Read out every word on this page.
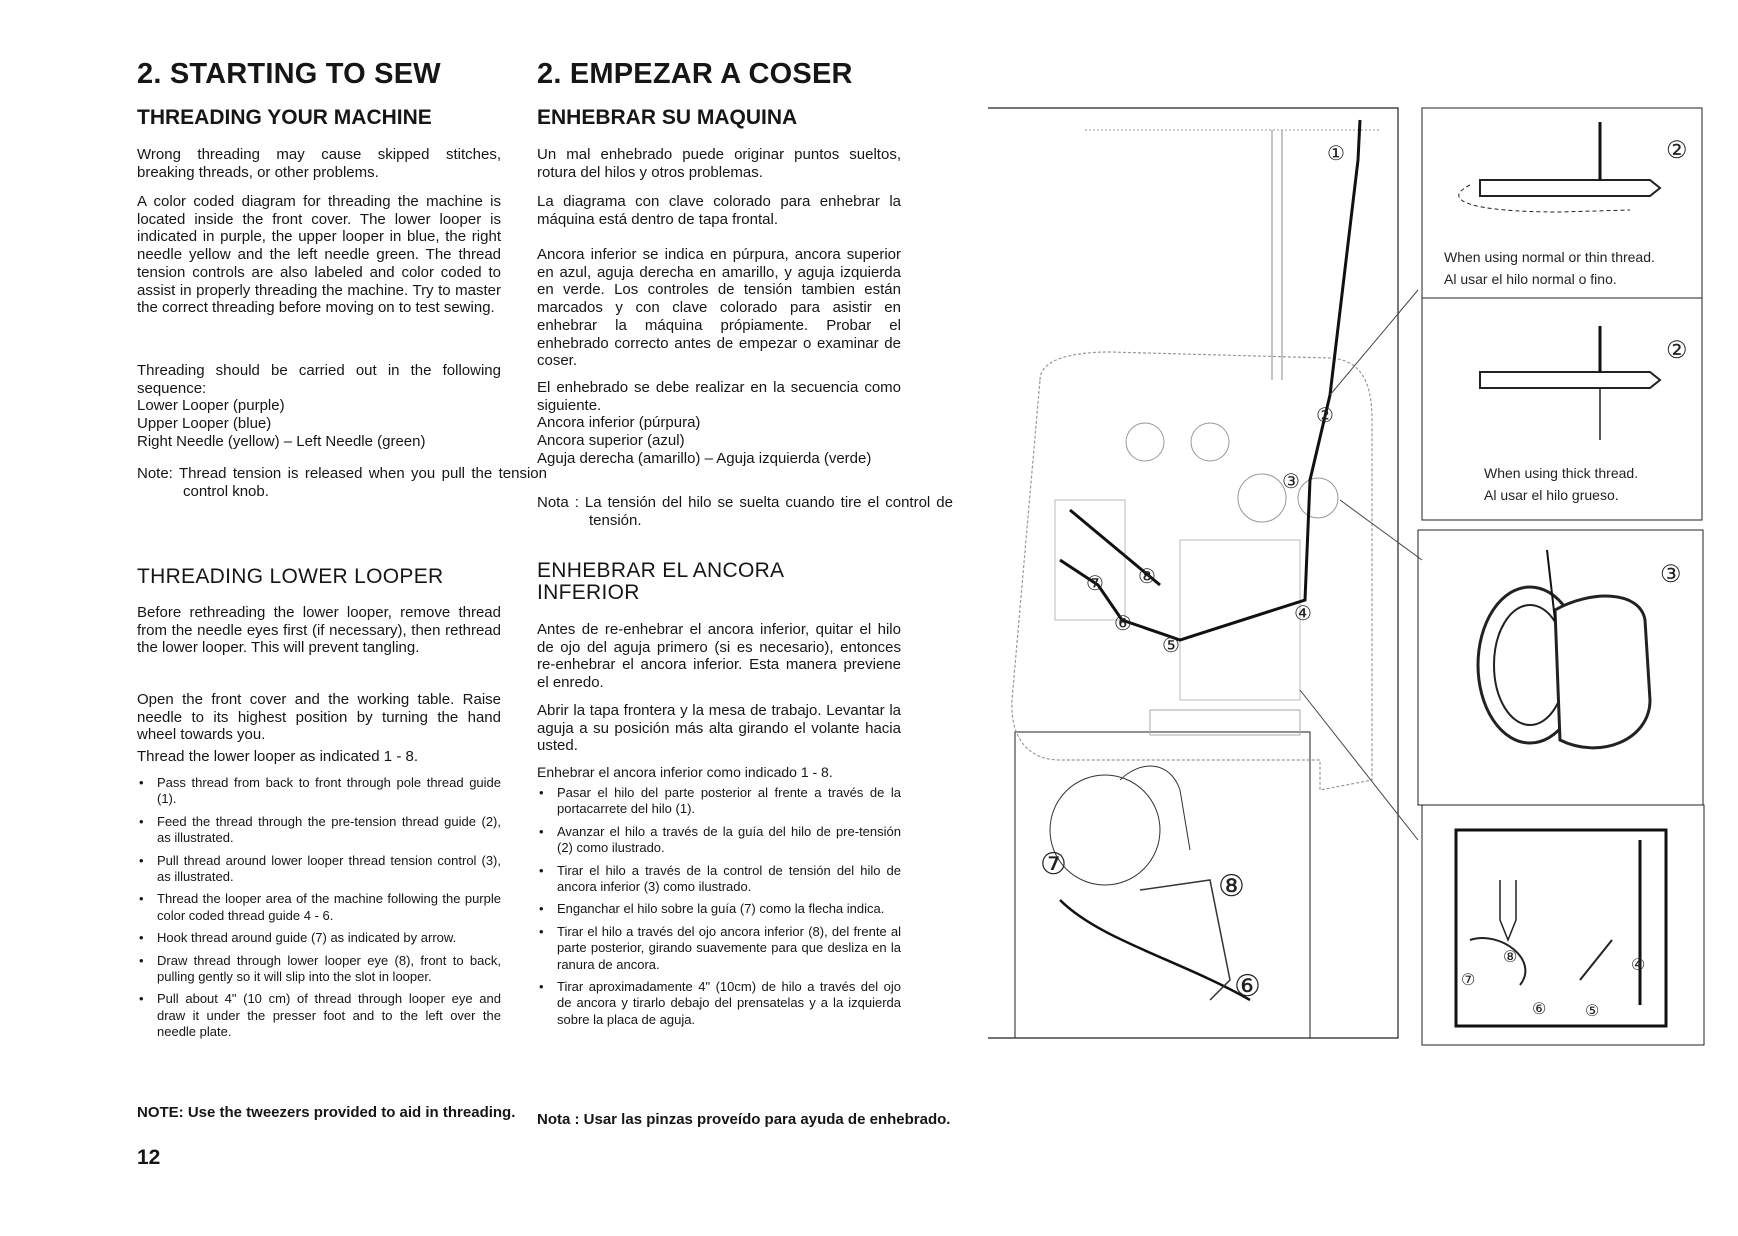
2. STARTING TO SEW
THREADING YOUR MACHINE

Wrong threading may cause skipped stitches, breaking threads, or other problems.

A color coded diagram for threading the machine is located inside the front cover. The lower looper is indicated in purple, the upper looper in blue, the right needle yellow and the left needle green. The thread tension controls are also labeled and color coded to assist in properly threading the machine. Try to master the correct threading before moving on to test sewing.

Threading should be carried out in the following sequence:
Lower Looper (purple)
Upper Looper (blue)
Right Needle (yellow) – Left Needle (green)

Note: Thread tension is released when you pull the tension control knob.

THREADING LOWER LOOPER

Before rethreading the lower looper, remove thread from the needle eyes first (if necessary), then rethread the lower looper. This will prevent tangling.

Open the front cover and the working table. Raise needle to its highest position by turning the hand wheel towards you.

Thread the lower looper as indicated 1 - 8.

• Pass thread from back to front through pole thread guide (1).
• Feed the thread through the pre-tension thread guide (2), as illustrated.
• Pull thread around lower looper thread tension control (3), as illustrated.
• Thread the looper area of the machine following the purple color coded thread guide 4 - 6.
• Hook thread around guide (7) as indicated by arrow.
• Draw thread through lower looper eye (8), front to back, pulling gently so it will slip into the slot in looper.
• Pull about 4" (10 cm) of thread through looper eye and draw it under the presser foot and to the left over the needle plate.

NOTE: Use the tweezers provided to aid in threading.

12
2. EMPEZAR A COSER
ENHEBRAR SU MAQUINA

Un mal enhebrado puede originar puntos sueltos, rotura del hilos y otros problemas.

La diagrama con clave colorado para enhebrar la máquina está dentro de tapa frontal.

Ancora inferior se indica en púrpura, ancora superior en azul, aguja derecha en amarillo, y aguja izquierda en verde. Los controles de tensión tambien están marcados y con clave colorado para asistir en enhebrar la máquina própiamente. Probar el enhebrado correcto antes de empezar o examinar de coser.

El enhebrado se debe realizar en la secuencia como siguiente.
Ancora inferior (púrpura)
Ancora superior (azul)
Aguja derecha (amarillo) – Aguja izquierda (verde)

Nota : La tensión del hilo se suelta cuando tire el control de tensión.

ENHEBRAR EL ANCORA INFERIOR

Antes de re-enhebrar el ancora inferior, quitar el hilo de ojo del aguja primero (si es necesario), entonces re-enhebrar el ancora inferior. Esta manera previene el enredo.

Abrir la tapa frontera y la mesa de trabajo. Levantar la aguja a su posición más alta girando el volante hacia usted.

Enhebrar el ancora inferior como indicado 1 - 8.

• Pasar el hilo del parte posterior al frente a través de la portacarrete del hilo (1).
• Avanzar el hilo a través de la guía del hilo de pre-tensión (2) como ilustrado.
• Tirar el hilo a través de la control de tensión del hilo de ancora inferior (3) como ilustrado.
• Enganchar el hilo sobre la guía (7) como la flecha indica.
• Tirar el hilo a través del ojo ancora inferior (8), del frente al parte posterior, girando suavemente para que desliza en la ranura de ancora.
• Tirar aproximadamente 4" (10cm) de hilo a través del ojo de ancora y tirarlo debajo del prensatelas y a la izquierda sobre la placa de aguja.

Nota : Usar las pinzas proveído para ayuda de enhebrado.

①
②
③
④
⑤
⑥
⑦ ⑧
⑦
⑧
⑥
②
When using normal or thin thread.
Al usar el hilo normal o fino.
②
When using thick thread.
Al usar el hilo grueso.
③
⑧	④
⑦
⑥ ⑤
